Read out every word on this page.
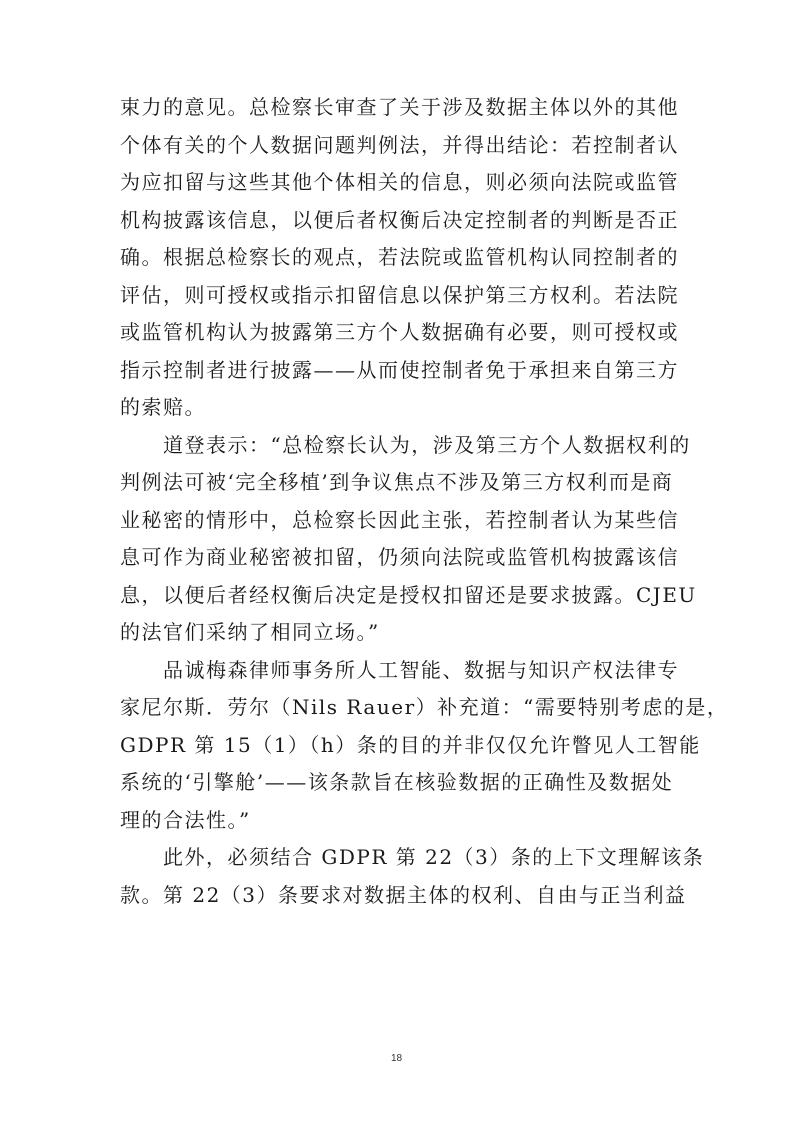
束力的意见。总检察长审查了关于涉及数据主体以外的其他
个体有关的个人数据问题判例法，并得出结论：若控制者认
为应扣留与这些其他个体相关的信息，则必须向法院或监管
机构披露该信息，以便后者权衡后决定控制者的判断是否正
确。根据总检察长的观点，若法院或监管机构认同控制者的
评估，则可授权或指示扣留信息以保护第三方权利。若法院
或监管机构认为披露第三方个人数据确有必要，则可授权或
指示控制者进行披露——从而使控制者免于承担来自第三方
的索赔。
　　道登表示：“总检察长认为，涉及第三方个人数据权利的
判例法可被‘完全移植’到争议焦点不涉及第三方权利而是商
业秘密的情形中，总检察长因此主张，若控制者认为某些信
息可作为商业秘密被扣留，仍须向法院或监管机构披露该信
息，以便后者经权衡后决定是授权扣留还是要求披露。CJEU
的法官们采纳了相同立场。”
　　品诚梅森律师事务所人工智能、数据与知识产权法律专
家尼尔斯．劳尔（Nils Rauer）补充道：“需要特别考虑的是，
GDPR 第 15（1）（h）条的目的并非仅仅允许瞥见人工智能
系统的‘引擎舱’——该条款旨在核验数据的正确性及数据处
理的合法性。”
　　此外，必须结合 GDPR 第 22（3）条的上下文理解该条
款。第 22（3）条要求对数据主体的权利、自由与正当利益
18
